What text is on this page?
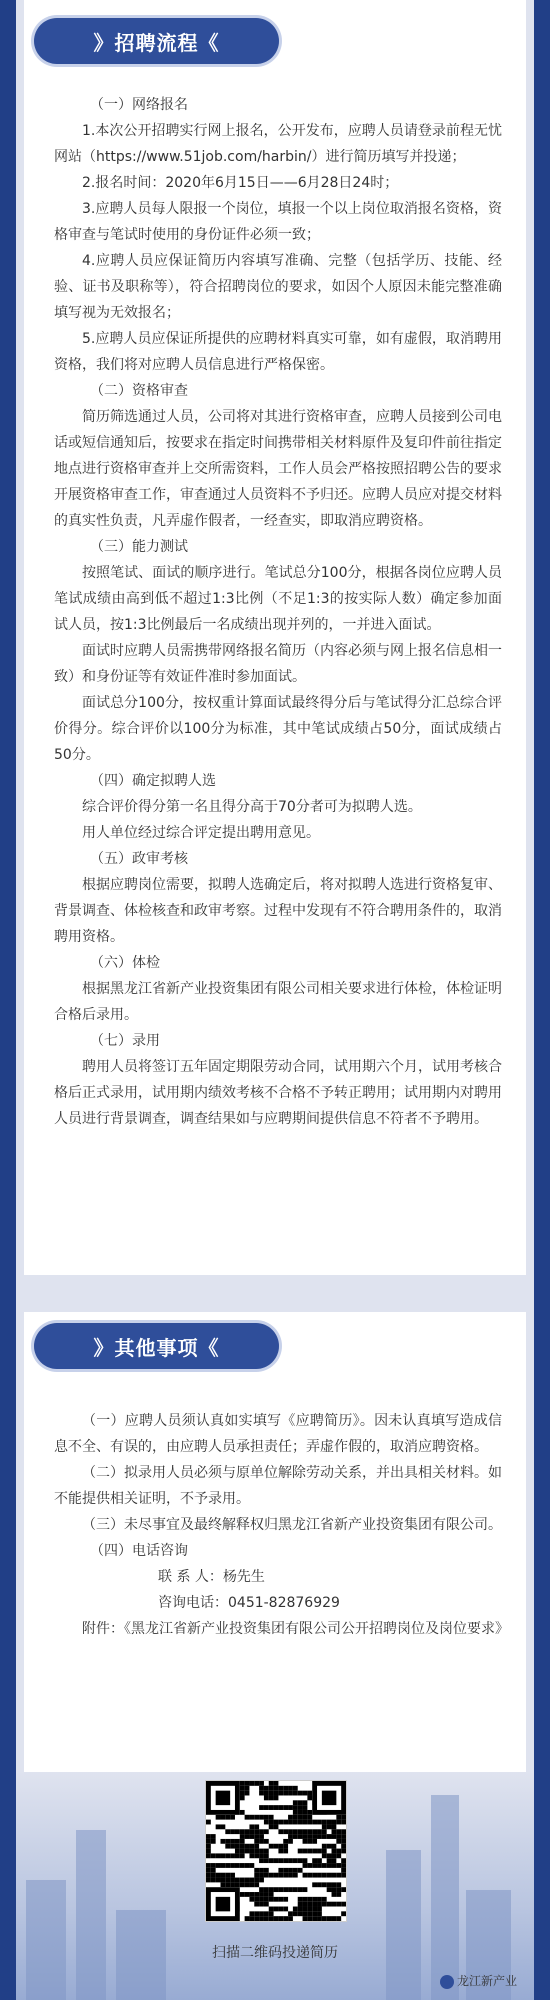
》招聘流程《

（一）网络报名

1.本次公开招聘实行网上报名，公开发布，应聘人员请登录前程无忧网站（https://www.51job.com/harbin/）进行简历填写并投递；

2.报名时间：2020年6月15日——6月28日24时；

3.应聘人员每人限报一个岗位，填报一个以上岗位取消报名资格，资格审查与笔试时使用的身份证件必须一致；

4.应聘人员应保证简历内容填写准确、完整（包括学历、技能、经验、证书及职称等），符合招聘岗位的要求，如因个人原因未能完整准确填写视为无效报名；

5.应聘人员应保证所提供的应聘材料真实可靠，如有虚假，取消聘用资格，我们将对应聘人员信息进行严格保密。

（二）资格审查

简历筛选通过人员，公司将对其进行资格审查，应聘人员接到公司电话或短信通知后，按要求在指定时间携带相关材料原件及复印件前往指定地点进行资格审查并上交所需资料，工作人员会严格按照招聘公告的要求开展资格审查工作，审查通过人员资料不予归还。应聘人员应对提交材料的真实性负责，凡弄虚作假者，一经查实，即取消应聘资格。

（三）能力测试

按照笔试、面试的顺序进行。笔试总分100分，根据各岗位应聘人员笔试成绩由高到低不超过1:3比例（不足1:3的按实际人数）确定参加面试人员，按1:3比例最后一名成绩出现并列的，一并进入面试。

面试时应聘人员需携带网络报名简历（内容必须与网上报名信息相一致）和身份证等有效证件准时参加面试。

面试总分100分，按权重计算面试最终得分后与笔试得分汇总综合评价得分。综合评价以100分为标准，其中笔试成绩占50分，面试成绩占50分。

（四）确定拟聘人选

综合评价得分第一名且得分高于70分者可为拟聘人选。

用人单位经过综合评定提出聘用意见。

（五）政审考核

根据应聘岗位需要，拟聘人选确定后，将对拟聘人选进行资格复审、背景调查、体检核查和政审考察。过程中发现有不符合聘用条件的，取消聘用资格。

（六）体检

根据黑龙江省新产业投资集团有限公司相关要求进行体检，体检证明合格后录用。

（七）录用

聘用人员将签订五年固定期限劳动合同，试用期六个月，试用考核合格后正式录用，试用期内绩效考核不合格不予转正聘用；试用期内对聘用人员进行背景调查，调查结果如与应聘期间提供信息不符者不予聘用。

》其他事项《

（一）应聘人员须认真如实填写《应聘简历》。因未认真填写造成信息不全、有误的，由应聘人员承担责任；弄虚作假的，取消应聘资格。

（二）拟录用人员必须与原单位解除劳动关系，并出具相关材料。如不能提供相关证明，不予录用。

（三）未尽事宜及最终解释权归黑龙江省新产业投资集团有限公司。

（四）电话咨询

联 系 人：杨先生

咨询电话：0451-82876929

附件：《黑龙江省新产业投资集团有限公司公开招聘岗位及岗位要求》

扫描二维码投递简历
龙江新产业
